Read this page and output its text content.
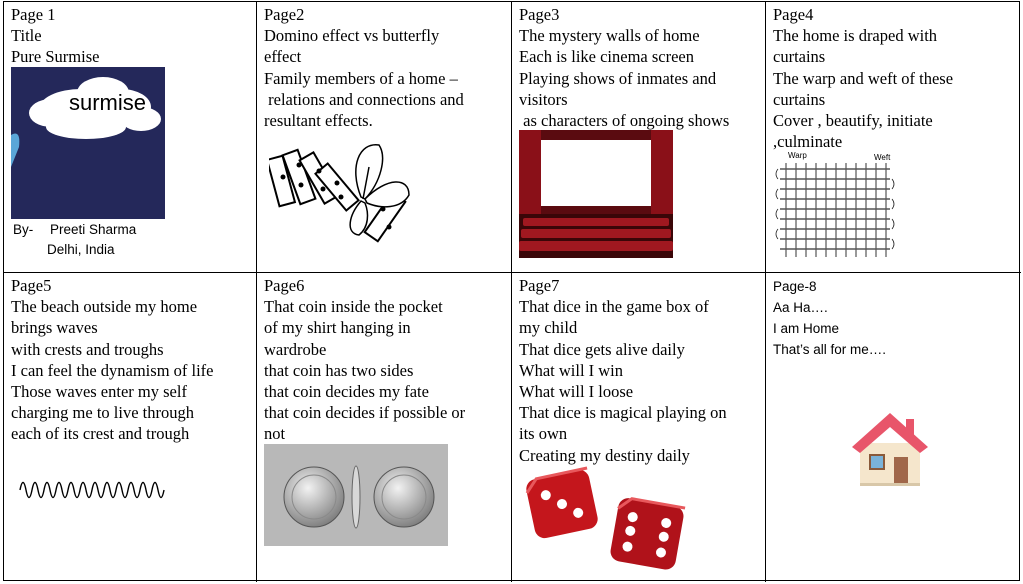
Page 1
Title
Pure Surmise
surmise
By- Preeti Sharma
Delhi, India
Page2
Domino effect vs butterfly
effect
Family members of a home –
relations and connections and
resultant effects.
Page3
The mystery walls of home
Each is like cinema screen
Playing shows of inmates and
visitors
as characters of ongoing shows
Page4
The home is draped with
curtains
The warp and weft of these
curtains
Cover , beautify, initiate
,culminate
Warp	Weft
Page5
The beach outside my home
brings waves
with crests and troughs
I can feel the dynamism of life
Those waves enter my self
charging me to live through
each of its crest and trough
Page6
That coin inside the pocket
of my shirt hanging in
wardrobe
that coin has two sides
that coin decides my fate
that coin decides if possible or
not
Page7
That dice in the game box of
my child
That dice gets alive daily
What will I win
What will I loose
That dice is magical playing on
its own
Creating my destiny daily
Page-8
Aa Ha….
I am Home
That’s all for me….
